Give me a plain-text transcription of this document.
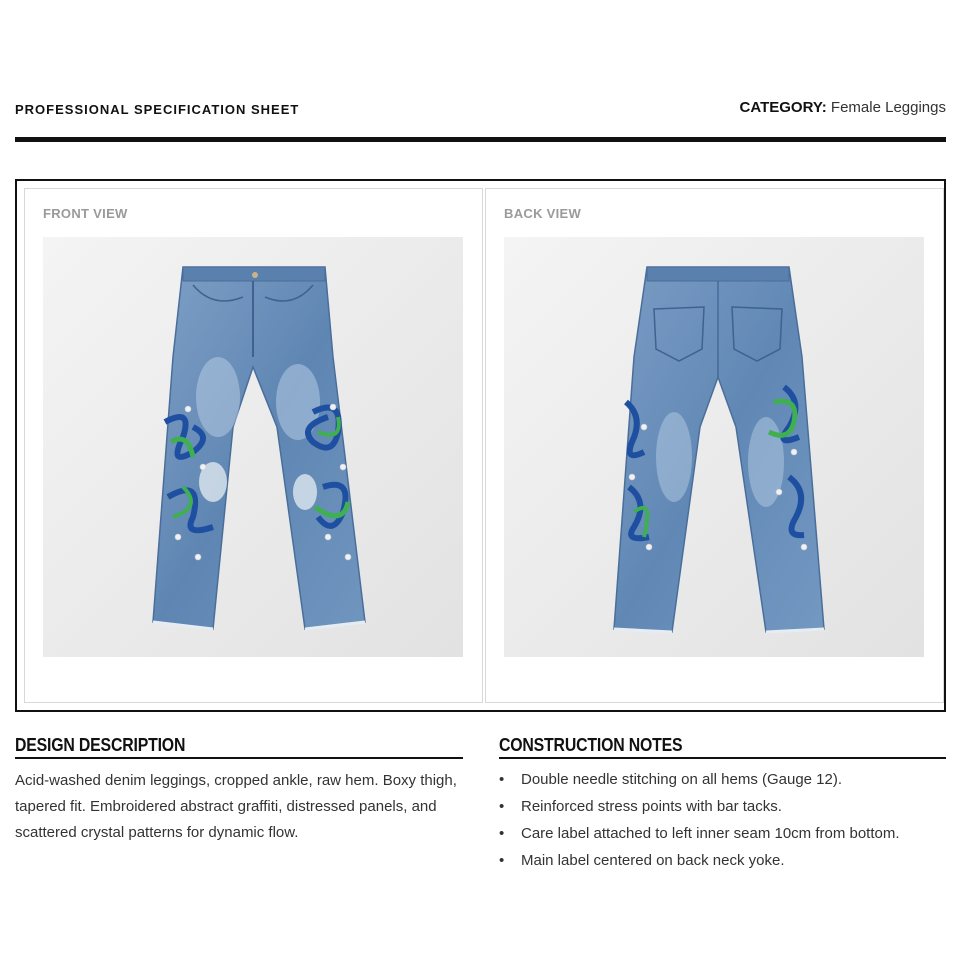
PROFESSIONAL SPECIFICATION SHEET	CATEGORY: Female Leggings
FRONT VIEW	BACK VIEW
DESIGN DESCRIPTION
Acid-washed denim leggings, cropped ankle, raw hem. Boxy thigh, tapered fit. Embroidered abstract graffiti, distressed panels, and scattered crystal patterns for dynamic flow.
CONSTRUCTION NOTES
• Double needle stitching on all hems (Gauge 12).
• Reinforced stress points with bar tacks.
• Care label attached to left inner seam 10cm from bottom.
• Main label centered on back neck yoke.
